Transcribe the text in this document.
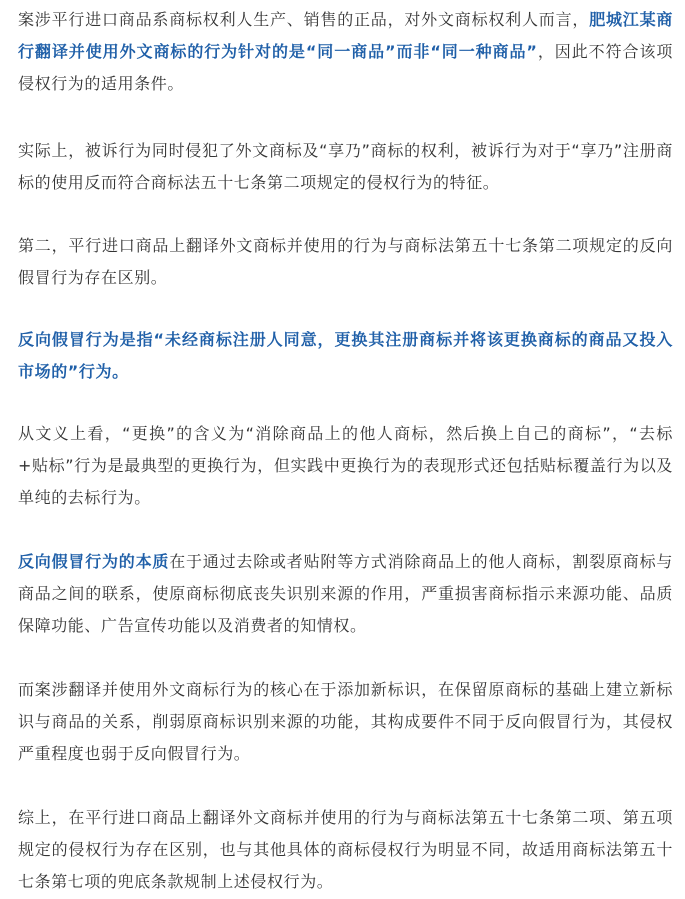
案涉平行进口商品系商标权利人生产、销售的正品，对外文商标权利人而言，肥城江某商行翻译并使用外文商标的行为针对的是“同一商品”而非“同一种商品”，因此不符合该项侵权行为的适用条件。

实际上，被诉行为同时侵犯了外文商标及“享乃”商标的权利，被诉行为对于“享乃”注册商标的使用反而符合商标法五十七条第二项规定的侵权行为的特征。

第二，平行进口商品上翻译外文商标并使用的行为与商标法第五十七条第二项规定的反向假冒行为存在区别。

反向假冒行为是指“未经商标注册人同意，更换其注册商标并将该更换商标的商品又投入市场的”行为。

从文义上看，“更换”的含义为“消除商品上的他人商标，然后换上自己的商标”，“去标+贴标”行为是最典型的更换行为，但实践中更换行为的表现形式还包括贴标覆盖行为以及单纯的去标行为。

反向假冒行为的本质在于通过去除或者贴附等方式消除商品上的他人商标，割裂原商标与商品之间的联系，使原商标彻底丧失识别来源的作用，严重损害商标指示来源功能、品质保障功能、广告宣传功能以及消费者的知情权。

而案涉翻译并使用外文商标行为的核心在于添加新标识，在保留原商标的基础上建立新标识与商品的关系，削弱原商标识别来源的功能，其构成要件不同于反向假冒行为，其侵权严重程度也弱于反向假冒行为。

综上，在平行进口商品上翻译外文商标并使用的行为与商标法第五十七条第二项、第五项规定的侵权行为存在区别，也与其他具体的商标侵权行为明显不同，故适用商标法第五十七条第七项的兜底条款规制上述侵权行为。
